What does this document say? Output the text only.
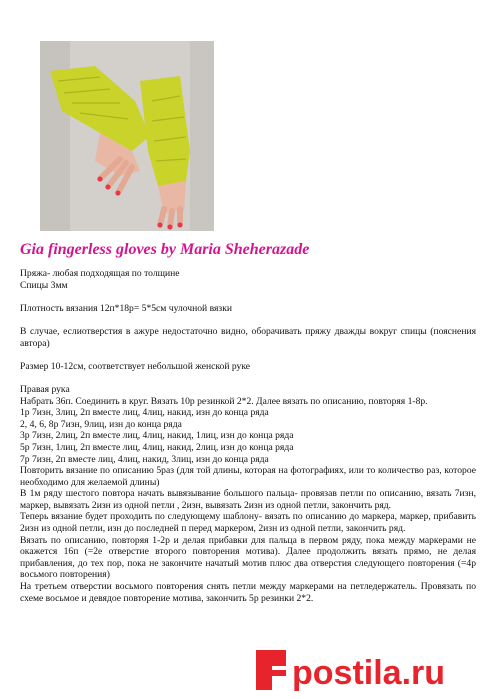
Gia fingerless gloves by Maria Sheherazade

Пряжа- любая подходящая по толщине

Спицы 3мм

Плотность вязания 12п*18р= 5*5см чулочной вязки

В случае, еслиотверстия в ажуре недостаточно видно, оборачивать пряжу дважды вокруг спицы (пояснения автора)

Размер 10-12см, соответствует небольшой женской руке

Правая рука

Набрать 36п. Соединить в круг. Вязать 10р резинкой 2*2. Далее вязать по описанию, повторяя 1-8р.

1р 7изн, 3лиц, 2п вместе лиц, 4лиц, накид, изн до конца ряда

2, 4, 6, 8р 7изн, 9лиц, изн до конца ряда

3р 7изн, 2лиц, 2п вместе лиц, 4лиц, накид, 1лиц, изн до конца ряда

5р 7изн, 1лиц, 2п вместе лиц, 4лиц, накид, 2лиц, изн до конца ряда

7р 7изн, 2п вместе лиц, 4лиц, накид, 3лиц, изн до конца ряда

Повторить вязание по описанию 5раз (для той длины, которая на фотографиях, или то количество раз, которое необходимо для желаемой длины)

В 1м ряду шестого повтора начать вывязывание большого пальца- провязав петли по описанию, вязать 7изн, маркер, вывязать 2изн из одной петли , 2изн, вывязать 2изн из одной петли, закончить ряд.

Теперь вязание будет проходить по следующему шаблону- вязать по описанию до маркера, маркер, прибавить 2изн из одной петли, изн до последней п перед маркером, 2изн из одной петли, закончить ряд.

Вязать по описанию, повторяя 1-2р и делая прибавки для пальца в первом ряду, пока между маркерами не окажется 16п (=2е отверстие второго повторения мотива). Далее продолжить вязать прямо, не делая прибавления, до тех пор, пока не закончите начатый мотив плюс два отверстия следующего повторения (=4р восьмого повторения)

На третьем отверстии восьмого повторения снять петли между маркерами на петледержатель. Провязать по схеме восьмое и девядое повторение мотива, закончить 5р резинки 2*2.

postila.ru
